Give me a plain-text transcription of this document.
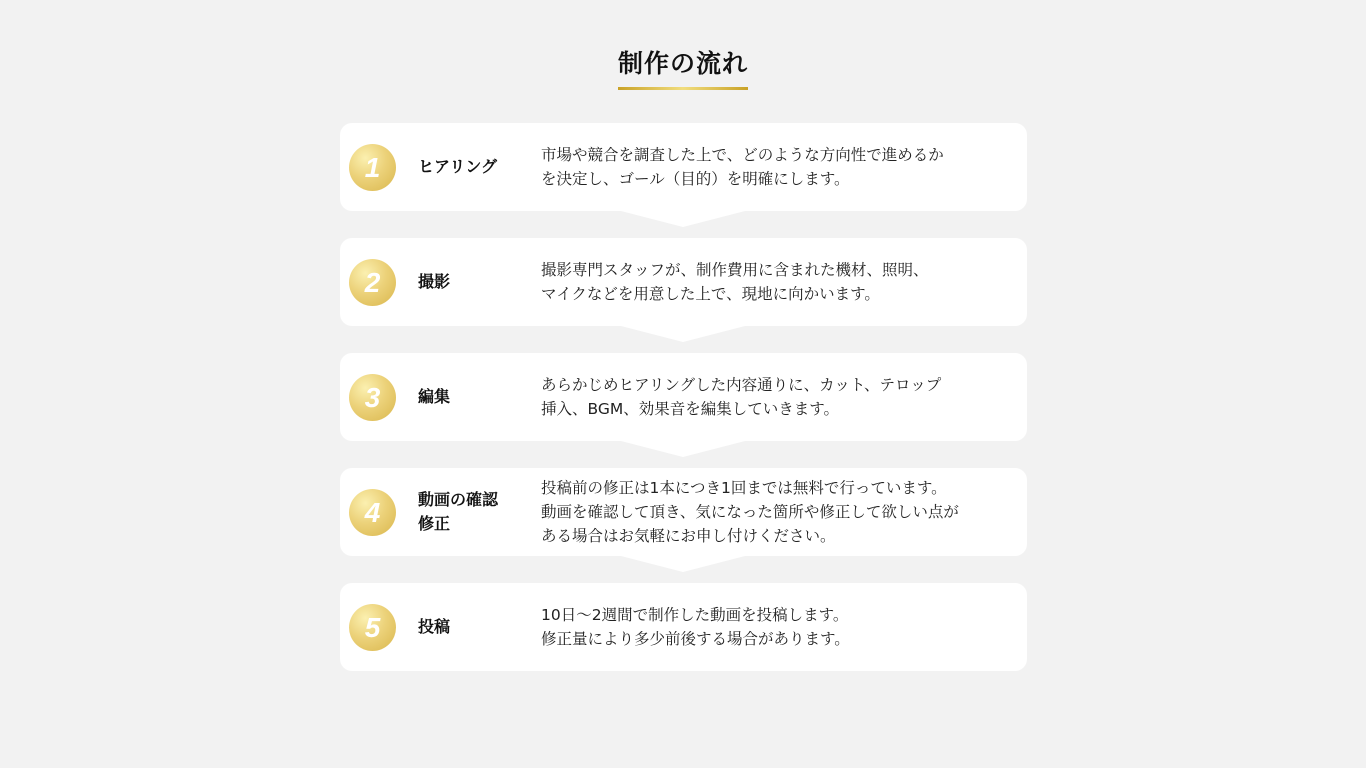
制作の流れ
1	ヒアリング
市場や競合を調査した上で、どのような方向性で進めるか
を決定し、ゴール（目的）を明確にします。
2	撮影
撮影専門スタッフが、制作費用に含まれた機材、照明、
マイクなどを用意した上で、現地に向かいます。
3	編集
あらかじめヒアリングした内容通りに、カット、テロップ
挿入、BGM、効果音を編集していきます。
4	動画の確認
修正
投稿前の修正は1本につき1回までは無料で行っています。
動画を確認して頂き、気になった箇所や修正して欲しい点が
ある場合はお気軽にお申し付けください。
5	投稿
10日〜2週間で制作した動画を投稿します。
修正量により多少前後する場合があります。
